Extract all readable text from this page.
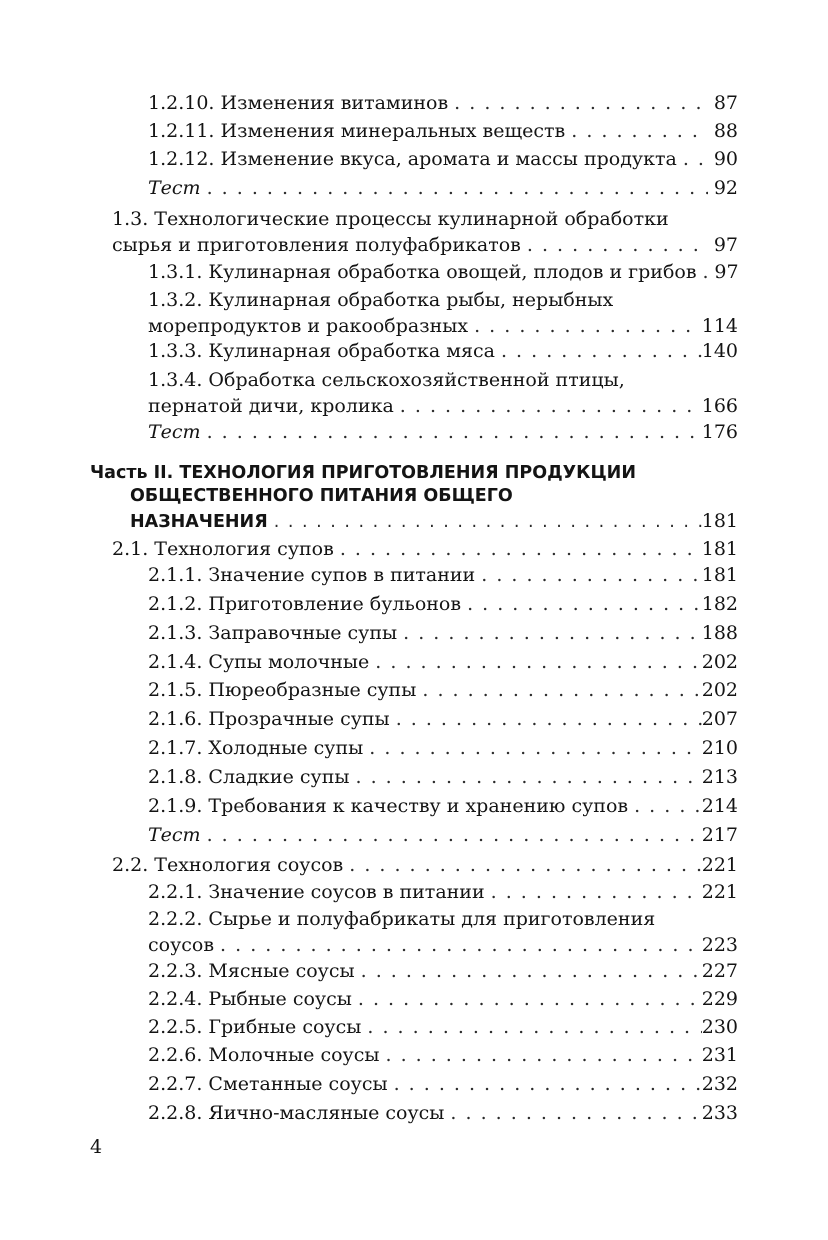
1.2.10. Изменения витаминов . . .	87
1.2.11. Изменения минеральных веществ . . .	88
1.2.12. Изменение вкуса, аромата и массы продукта . . .	90
Тест . . .	92
1.3. Технологические процессы кулинарной обработки
сырья и приготовления полуфабрикатов . . .	97
1.3.1. Кулинарная обработка овощей, плодов и грибов . . . 97
1.3.2. Кулинарная обработка рыбы, нерыбных
морепродуктов и ракообразных . . .	114
1.3.3. Кулинарная обработка мяса . . .	140
1.3.4. Обработка сельскохозяйственной птицы,
пернатой дичи, кролика . . .	166
Тест . . .	176
Часть II. ТЕХНОЛОГИЯ ПРИГОТОВЛЕНИЯ ПРОДУКЦИИ
ОБЩЕСТВЕННОГО ПИТАНИЯ ОБЩЕГО
НАЗНАЧЕНИЯ . . .	181
2.1. Технология супов . . .	181
2.1.1. Значение супов в питании . . .	181
2.1.2. Приготовление бульонов . . .	182
2.1.3. Заправочные супы . . .	188
2.1.4. Супы молочные . . .	202
2.1.5. Пюреобразные супы . . .	202
2.1.6. Прозрачные супы . . .	207
2.1.7. Холодные супы . . .	210
2.1.8. Сладкие супы . . .	213
2.1.9. Требования к качеству и хранению супов . . .	214
Тест . . .	217
2.2. Технология соусов . . .	221
2.2.1. Значение соусов в питании . . .	221
2.2.2. Сырье и полуфабрикаты для приготовления
соусов . . .	223
2.2.3. Мясные соусы . . .	227
2.2.4. Рыбные соусы . . .	229
2.2.5. Грибные соусы . . .	230
2.2.6. Молочные соусы . . .	231
2.2.7. Сметанные соусы . . .	232
2.2.8. Яично-масляные соусы . . .	233
4
